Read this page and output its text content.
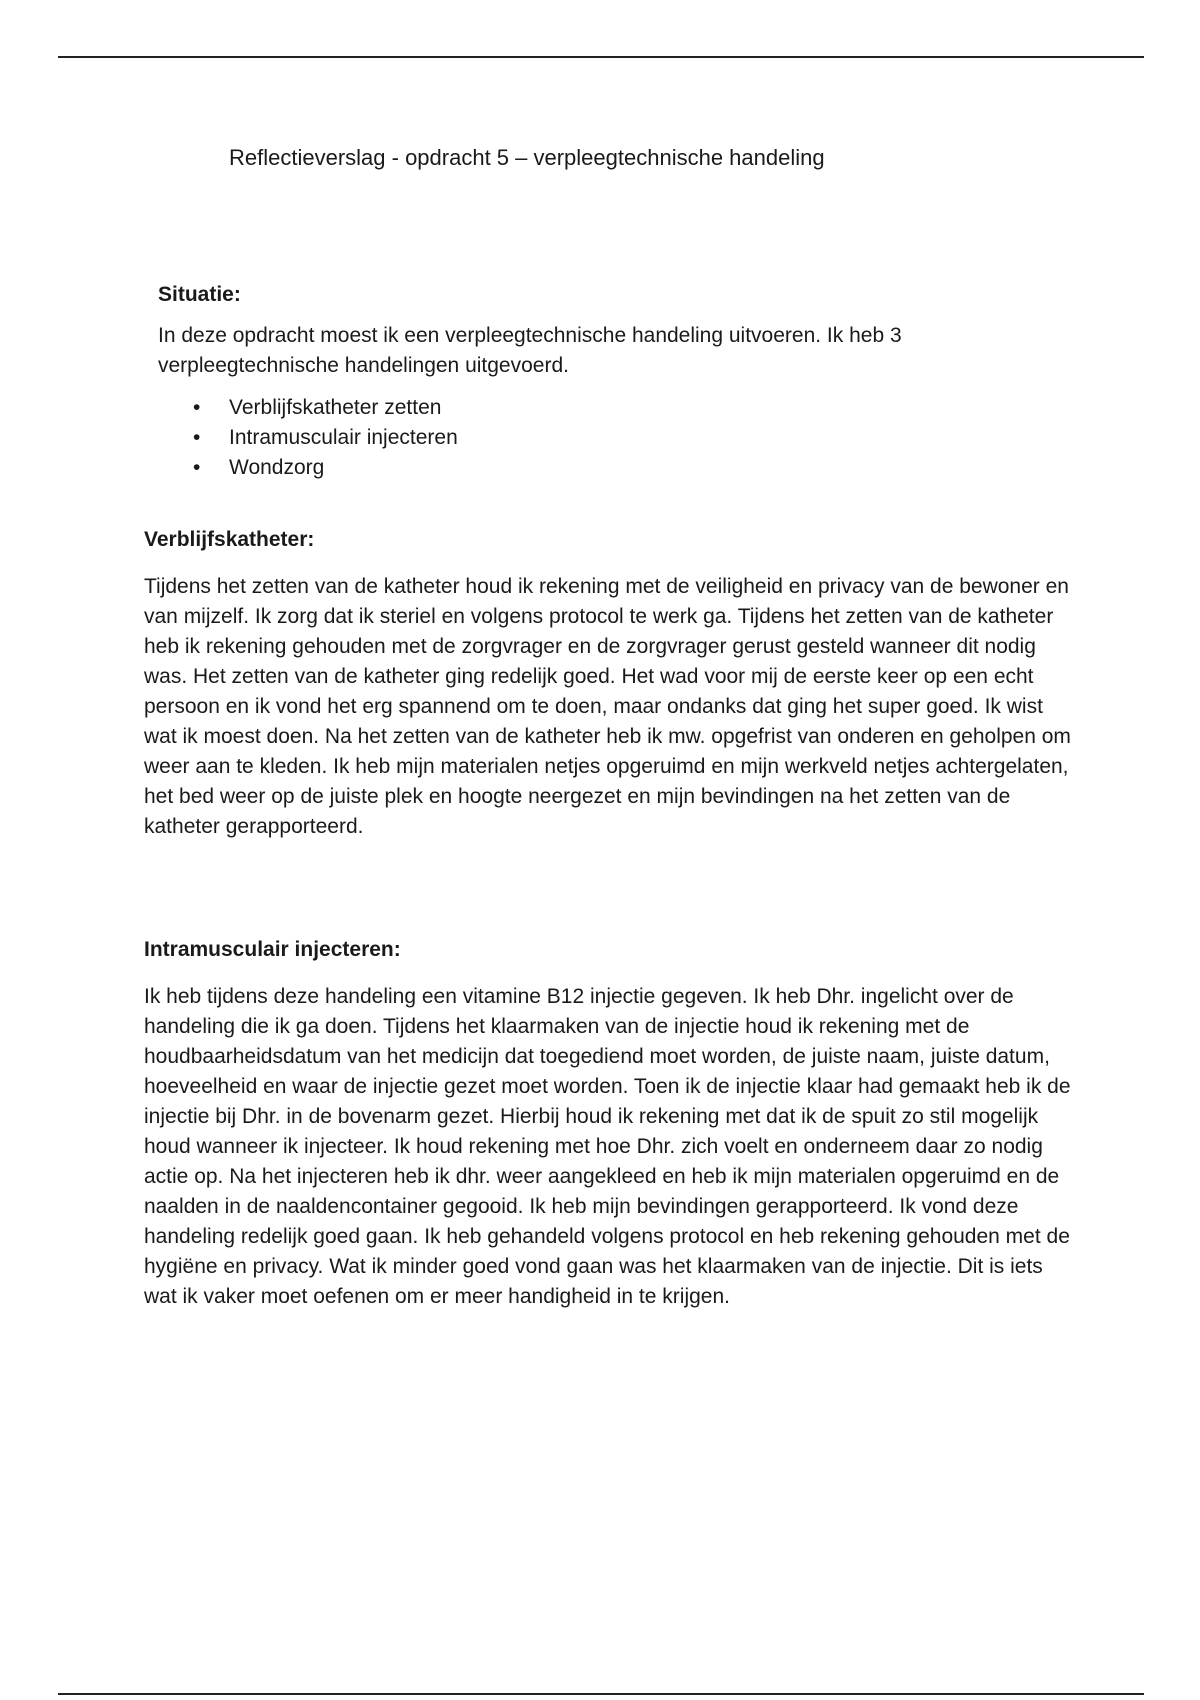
Reflectieverslag - opdracht 5 – verpleegtechnische handeling
Situatie:

In deze opdracht moest ik een verpleegtechnische handeling uitvoeren. Ik heb 3 verpleegtechnische handelingen uitgevoerd.

• Verblijfskatheter zetten
• Intramusculair injecteren
• Wondzorg
Verblijfskatheter:

Tijdens het zetten van de katheter houd ik rekening met de veiligheid en privacy van de bewoner en van mijzelf. Ik zorg dat ik steriel en volgens protocol te werk ga. Tijdens het zetten van de katheter heb ik rekening gehouden met de zorgvrager en de zorgvrager gerust gesteld wanneer dit nodig was. Het zetten van de katheter ging redelijk goed. Het wad voor mij de eerste keer op een echt persoon en ik vond het erg spannend om te doen, maar ondanks dat ging het super goed. Ik wist wat ik moest doen. Na het zetten van de katheter heb ik mw. opgefrist van onderen en geholpen om weer aan te kleden. Ik heb mijn materialen netjes opgeruimd en mijn werkveld netjes achtergelaten, het bed weer op de juiste plek en hoogte neergezet en mijn bevindingen na het zetten van de katheter gerapporteerd.

Intramusculair injecteren:

Ik heb tijdens deze handeling een vitamine B12 injectie gegeven. Ik heb Dhr. ingelicht over de handeling die ik ga doen. Tijdens het klaarmaken van de injectie houd ik rekening met de houdbaarheidsdatum van het medicijn dat toegediend moet worden, de juiste naam, juiste datum, hoeveelheid en waar de injectie gezet moet worden. Toen ik de injectie klaar had gemaakt heb ik de injectie bij Dhr. in de bovenarm gezet. Hierbij houd ik rekening met dat ik de spuit zo stil mogelijk houd wanneer ik injecteer. Ik houd rekening met hoe Dhr. zich voelt en onderneem daar zo nodig actie op. Na het injecteren heb ik dhr. weer aangekleed en heb ik mijn materialen opgeruimd en de naalden in de naaldencontainer gegooid. Ik heb mijn bevindingen gerapporteerd. Ik vond deze handeling redelijk goed gaan. Ik heb gehandeld volgens protocol en heb rekening gehouden met de hygiëne en privacy. Wat ik minder goed vond gaan was het klaarmaken van de injectie. Dit is iets wat ik vaker moet oefenen om er meer handigheid in te krijgen.
